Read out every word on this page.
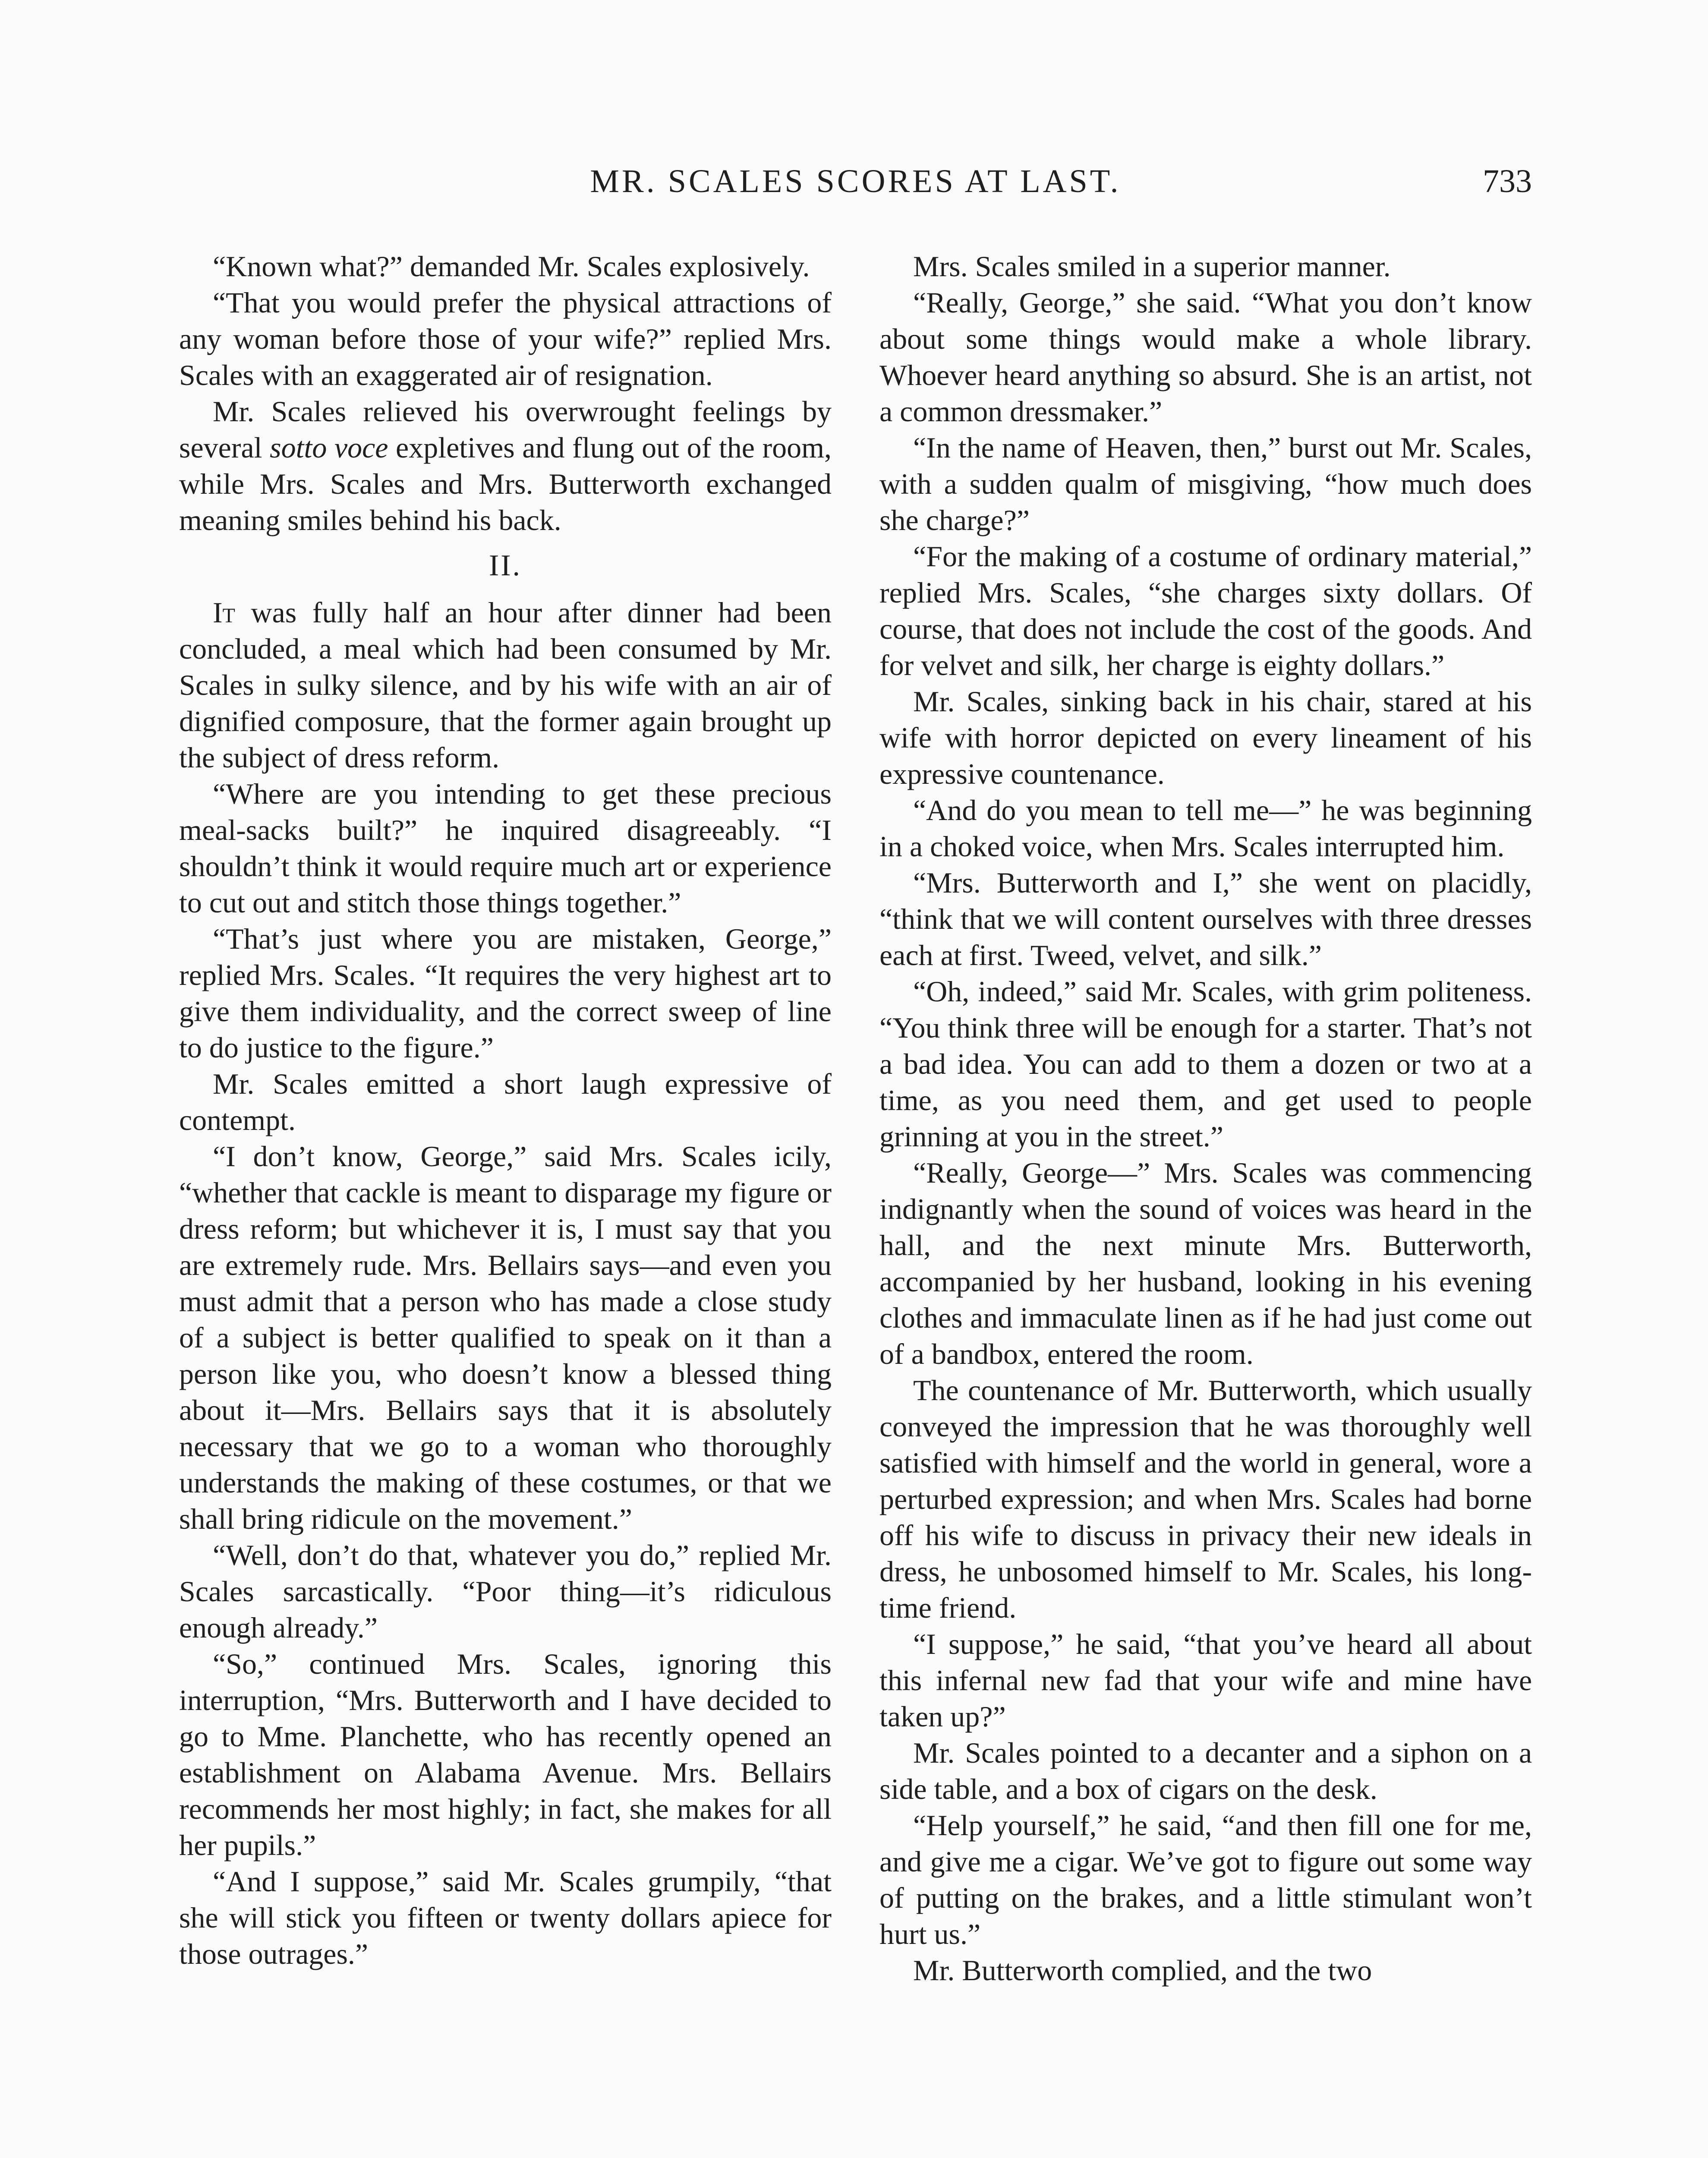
MR. SCALES SCORES AT LAST.	733

“Known what?” demanded Mr. Scales explosively.

“That you would prefer the physical attractions of any woman before those of your wife?” replied Mrs. Scales with an exaggerated air of resignation.

Mr. Scales relieved his overwrought feelings by several sotto voce expletives and flung out of the room, while Mrs. Scales and Mrs. Butterworth exchanged meaning smiles behind his back.

II.

It was fully half an hour after dinner had been concluded, a meal which had been consumed by Mr. Scales in sulky silence, and by his wife with an air of dignified composure, that the former again brought up the subject of dress reform.

“Where are you intending to get these precious meal-sacks built?” he inquired disagreeably. “I shouldn’t think it would require much art or experience to cut out and stitch those things together.”

“That’s just where you are mistaken, George,” replied Mrs. Scales. “It requires the very highest art to give them individuality, and the correct sweep of line to do justice to the figure.”

Mr. Scales emitted a short laugh expressive of contempt.

“I don’t know, George,” said Mrs. Scales icily, “whether that cackle is meant to disparage my figure or dress reform; but whichever it is, I must say that you are extremely rude. Mrs. Bellairs says—and even you must admit that a person who has made a close study of a subject is better qualified to speak on it than a person like you, who doesn’t know a blessed thing about it—Mrs. Bellairs says that it is absolutely necessary that we go to a woman who thoroughly understands the making of these costumes, or that we shall bring ridicule on the movement.”

“Well, don’t do that, whatever you do,” replied Mr. Scales sarcastically. “Poor thing—it’s ridiculous enough already.”

“So,” continued Mrs. Scales, ignoring this interruption, “Mrs. Butterworth and I have decided to go to Mme. Planchette, who has recently opened an establishment on Alabama Avenue. Mrs. Bellairs recommends her most highly; in fact, she makes for all her pupils.”

“And I suppose,” said Mr. Scales grumpily, “that she will stick you fifteen or twenty dollars apiece for those outrages.”

Mrs. Scales smiled in a superior manner.

“Really, George,” she said. “What you don’t know about some things would make a whole library. Whoever heard anything so absurd. She is an artist, not a common dressmaker.”

“In the name of Heaven, then,” burst out Mr. Scales, with a sudden qualm of misgiving, “how much does she charge?”

“For the making of a costume of ordinary material,” replied Mrs. Scales, “she charges sixty dollars. Of course, that does not include the cost of the goods. And for velvet and silk, her charge is eighty dollars.”

Mr. Scales, sinking back in his chair, stared at his wife with horror depicted on every lineament of his expressive countenance.

“And do you mean to tell me—” he was beginning in a choked voice, when Mrs. Scales interrupted him.

“Mrs. Butterworth and I,” she went on placidly, “think that we will content ourselves with three dresses each at first. Tweed, velvet, and silk.”

“Oh, indeed,” said Mr. Scales, with grim politeness. “You think three will be enough for a starter. That’s not a bad idea. You can add to them a dozen or two at a time, as you need them, and get used to people grinning at you in the street.”

“Really, George—” Mrs. Scales was commencing indignantly when the sound of voices was heard in the hall, and the next minute Mrs. Butterworth, accompanied by her husband, looking in his evening clothes and immaculate linen as if he had just come out of a bandbox, entered the room.

The countenance of Mr. Butterworth, which usually conveyed the impression that he was thoroughly well satisfied with himself and the world in general, wore a perturbed expression; and when Mrs. Scales had borne off his wife to discuss in privacy their new ideals in dress, he unbosomed himself to Mr. Scales, his long-time friend.

“I suppose,” he said, “that you’ve heard all about this infernal new fad that your wife and mine have taken up?”

Mr. Scales pointed to a decanter and a siphon on a side table, and a box of cigars on the desk.

“Help yourself,” he said, “and then fill one for me, and give me a cigar. We’ve got to figure out some way of putting on the brakes, and a little stimulant won’t hurt us.”

Mr. Butterworth complied, and the two
